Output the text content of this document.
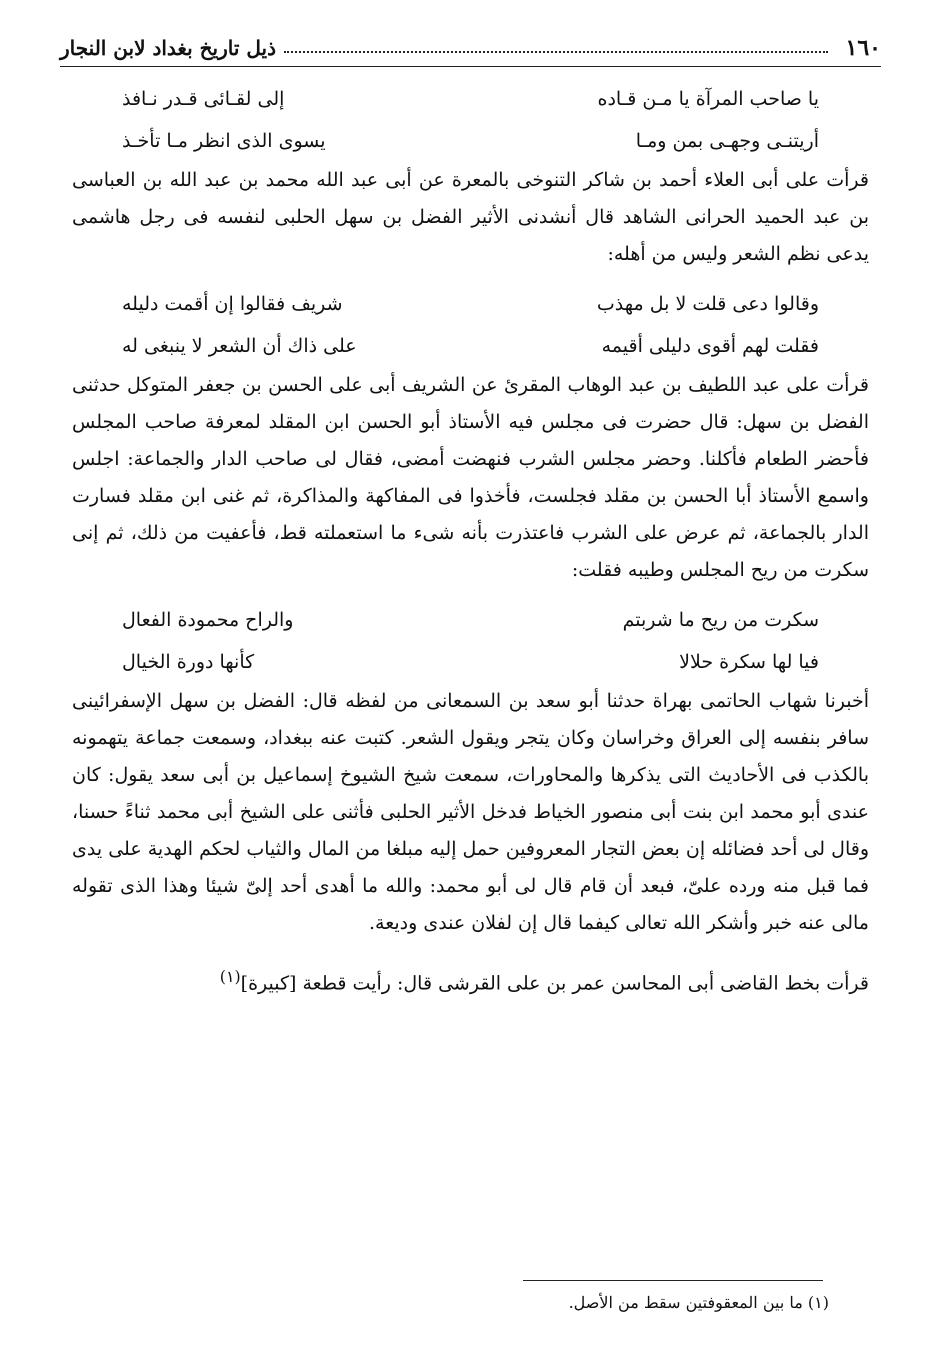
١٦٠
ذيل تاريخ بغداد لابن النجار
يا صاحب المرآة يا مـن قـاده
إلى لقـائى قـدر نـافذ
أريتنـى وجهـى بمن ومـا
يسوى الذى انظر مـا تأخـذ

قرأت على أبى العلاء أحمد بن شاكر التنوخى بالمعرة عن أبى عبد الله محمد بن عبد الله بن العباسى بن عبد الحميد الحرانى الشاهد قال أنشدنى الأثير الفضل بن سهل الحلبى لنفسه فى رجل هاشمى يدعى نظم الشعر وليس من أهله:

وقالوا دعى قلت لا بل مهذب
شريف فقالوا إن أقمت دليله
فقلت لهم أقوى دليلى أقيمه
على ذاك أن الشعر لا ينبغى له

قرأت على عبد اللطيف بن عبد الوهاب المقرئ عن الشريف أبى على الحسن بن جعفر المتوكل حدثنى الفضل بن سهل: قال حضرت فى مجلس فيه الأستاذ أبو الحسن ابن المقلد لمعرفة صاحب المجلس فأحضر الطعام فأكلنا. وحضر مجلس الشرب فنهضت أمضى، فقال لى صاحب الدار والجماعة: اجلس واسمع الأستاذ أبا الحسن بن مقلد فجلست، فأخذوا فى المفاكهة والمذاكرة، ثم غنى ابن مقلد فسارت الدار بالجماعة، ثم عرض على الشرب فاعتذرت بأنه شىء ما استعملته قط، فأعفيت من ذلك، ثم إنى سكرت من ريح المجلس وطيبه فقلت:

سكرت من ريح ما شربتم
والراح محمودة الفعال
فيا لها سكرة حلالا
كأنها دورة الخيال

أخبرنا شهاب الحاتمى بهراة حدثنا أبو سعد بن السمعانى من لفظه قال: الفضل بن سهل الإسفرائينى سافر بنفسه إلى العراق وخراسان وكان يتجر ويقول الشعر. كتبت عنه ببغداد، وسمعت جماعة يتهمونه بالكذب فى الأحاديث التى يذكرها والمحاورات، سمعت شيخ الشيوخ إسماعيل بن أبى سعد يقول: كان عندى أبو محمد ابن بنت أبى منصور الخياط فدخل الأثير الحلبى فأثنى على الشيخ أبى محمد ثناءً حسنا، وقال لى أحد فضائله إن بعض التجار المعروفين حمل إليه مبلغا من المال والثياب لحكم الهدية على يدى فما قبل منه ورده علىّ، فبعد أن قام قال لى أبو محمد: والله ما أهدى أحد إلىّ شيئا وهذا الذى تقوله مالى عنه خبر وأشكر الله تعالى كيفما قال إن لفلان عندى وديعة.

قرأت بخط القاضى أبى المحاسن عمر بن على القرشى قال: رأيت قطعة [كبيرة]$^{(١)}$

(١) ما بين المعقوفتين سقط من الأصل.
